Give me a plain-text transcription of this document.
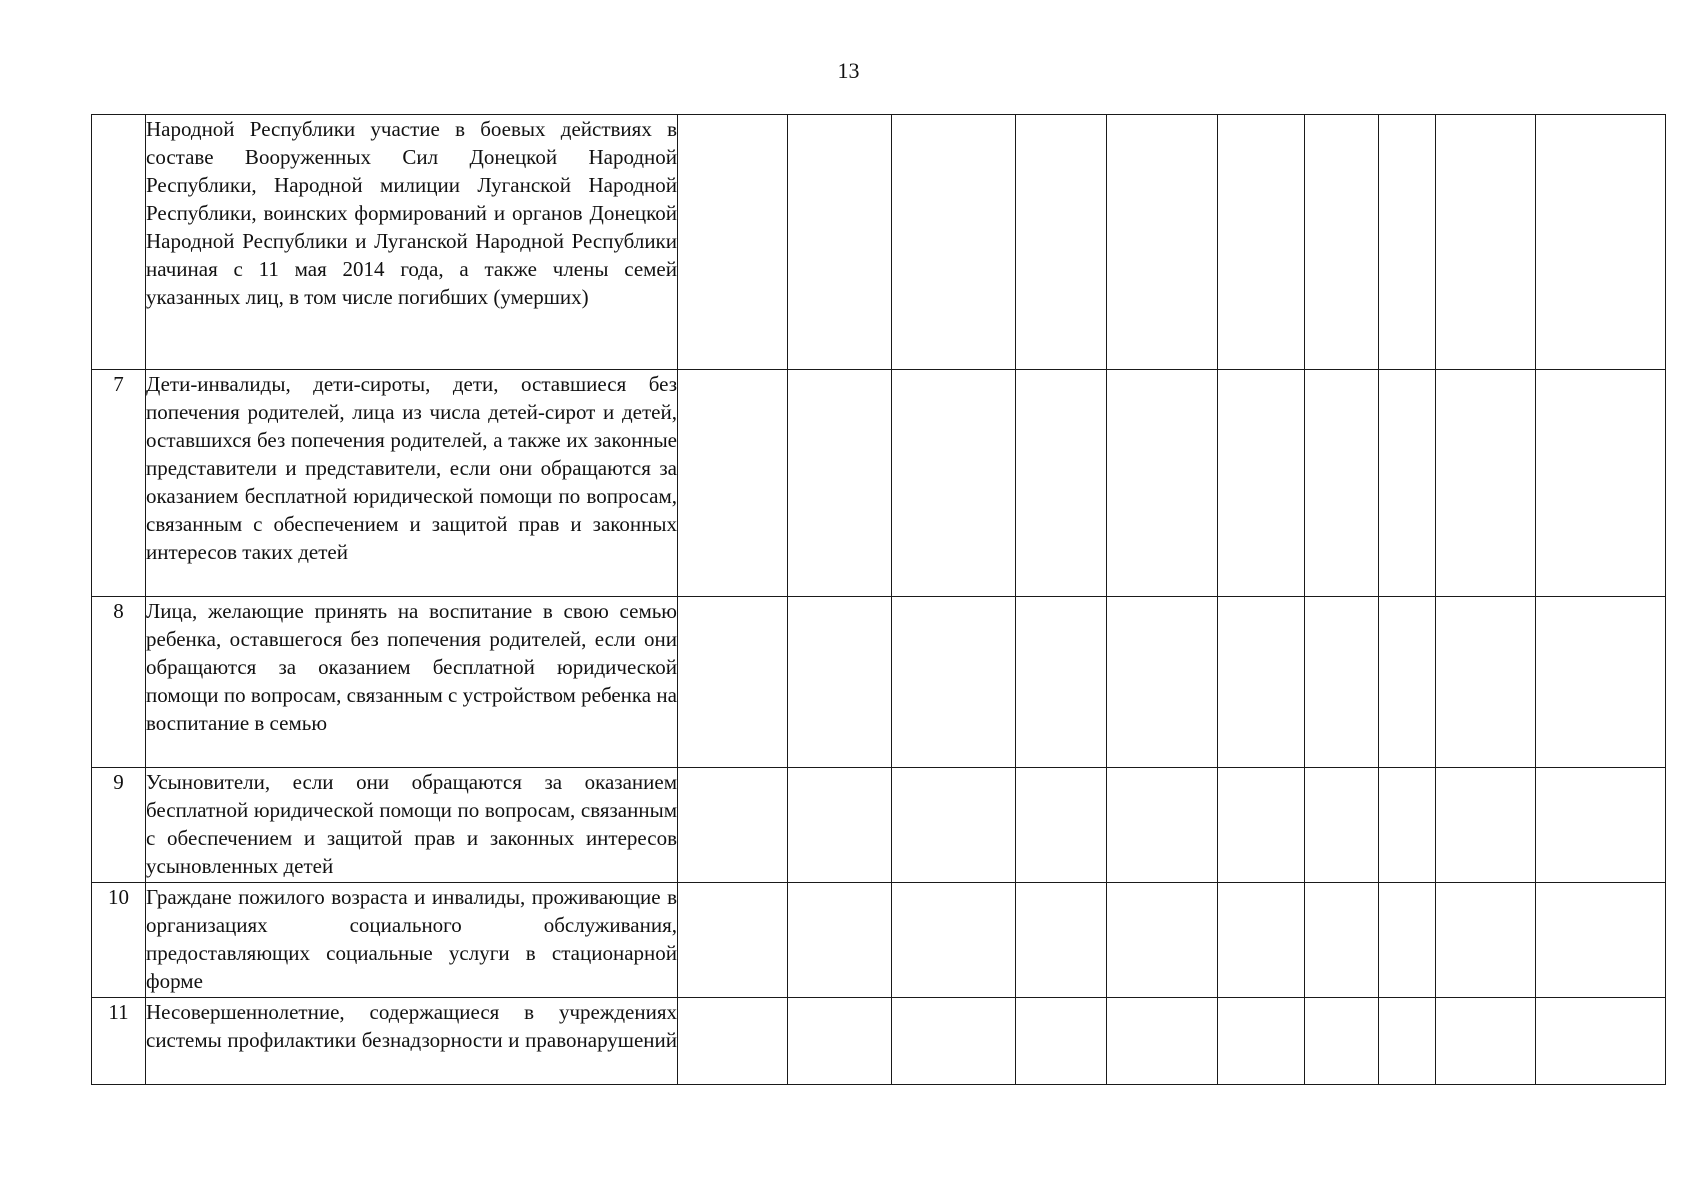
13
	Народной Республики участие в боевых действиях в составе Вооруженных Сил Донецкой Народной Республики, Народной милиции Луганской Народной Республики, воинских формирований и органов Донецкой Народной Республики и Луганской Народной Республики начиная с 11 мая 2014 года, а также члены семей указанных лиц, в том числе погибших (умерших)										
7	Дети-инвалиды, дети-сироты, дети, оставшиеся без попечения родителей, лица из числа детей-сирот и детей, оставшихся без попечения родителей, а также их законные представители и представители, если они обращаются за оказанием бесплатной юридической помощи по вопросам, связанным с обеспечением и защитой прав и законных интересов таких детей										
8	Лица, желающие принять на воспитание в свою семью ребенка, оставшегося без попечения родителей, если они обращаются за оказанием бесплатной юридической помощи по вопросам, связанным с устройством ребенка на воспитание в семью										
9	Усыновители, если они обращаются за оказанием бесплатной юридической помощи по вопросам, связанным с обеспечением и защитой прав и законных интересов усыновленных детей										
10	Граждане пожилого возраста и инвалиды, проживающие в организациях социального обслуживания, предоставляющих социальные услуги в стационарной форме										
11	Несовершеннолетние, содержащиеся в учреждениях системы профилактики безнадзорности и правонарушений										
